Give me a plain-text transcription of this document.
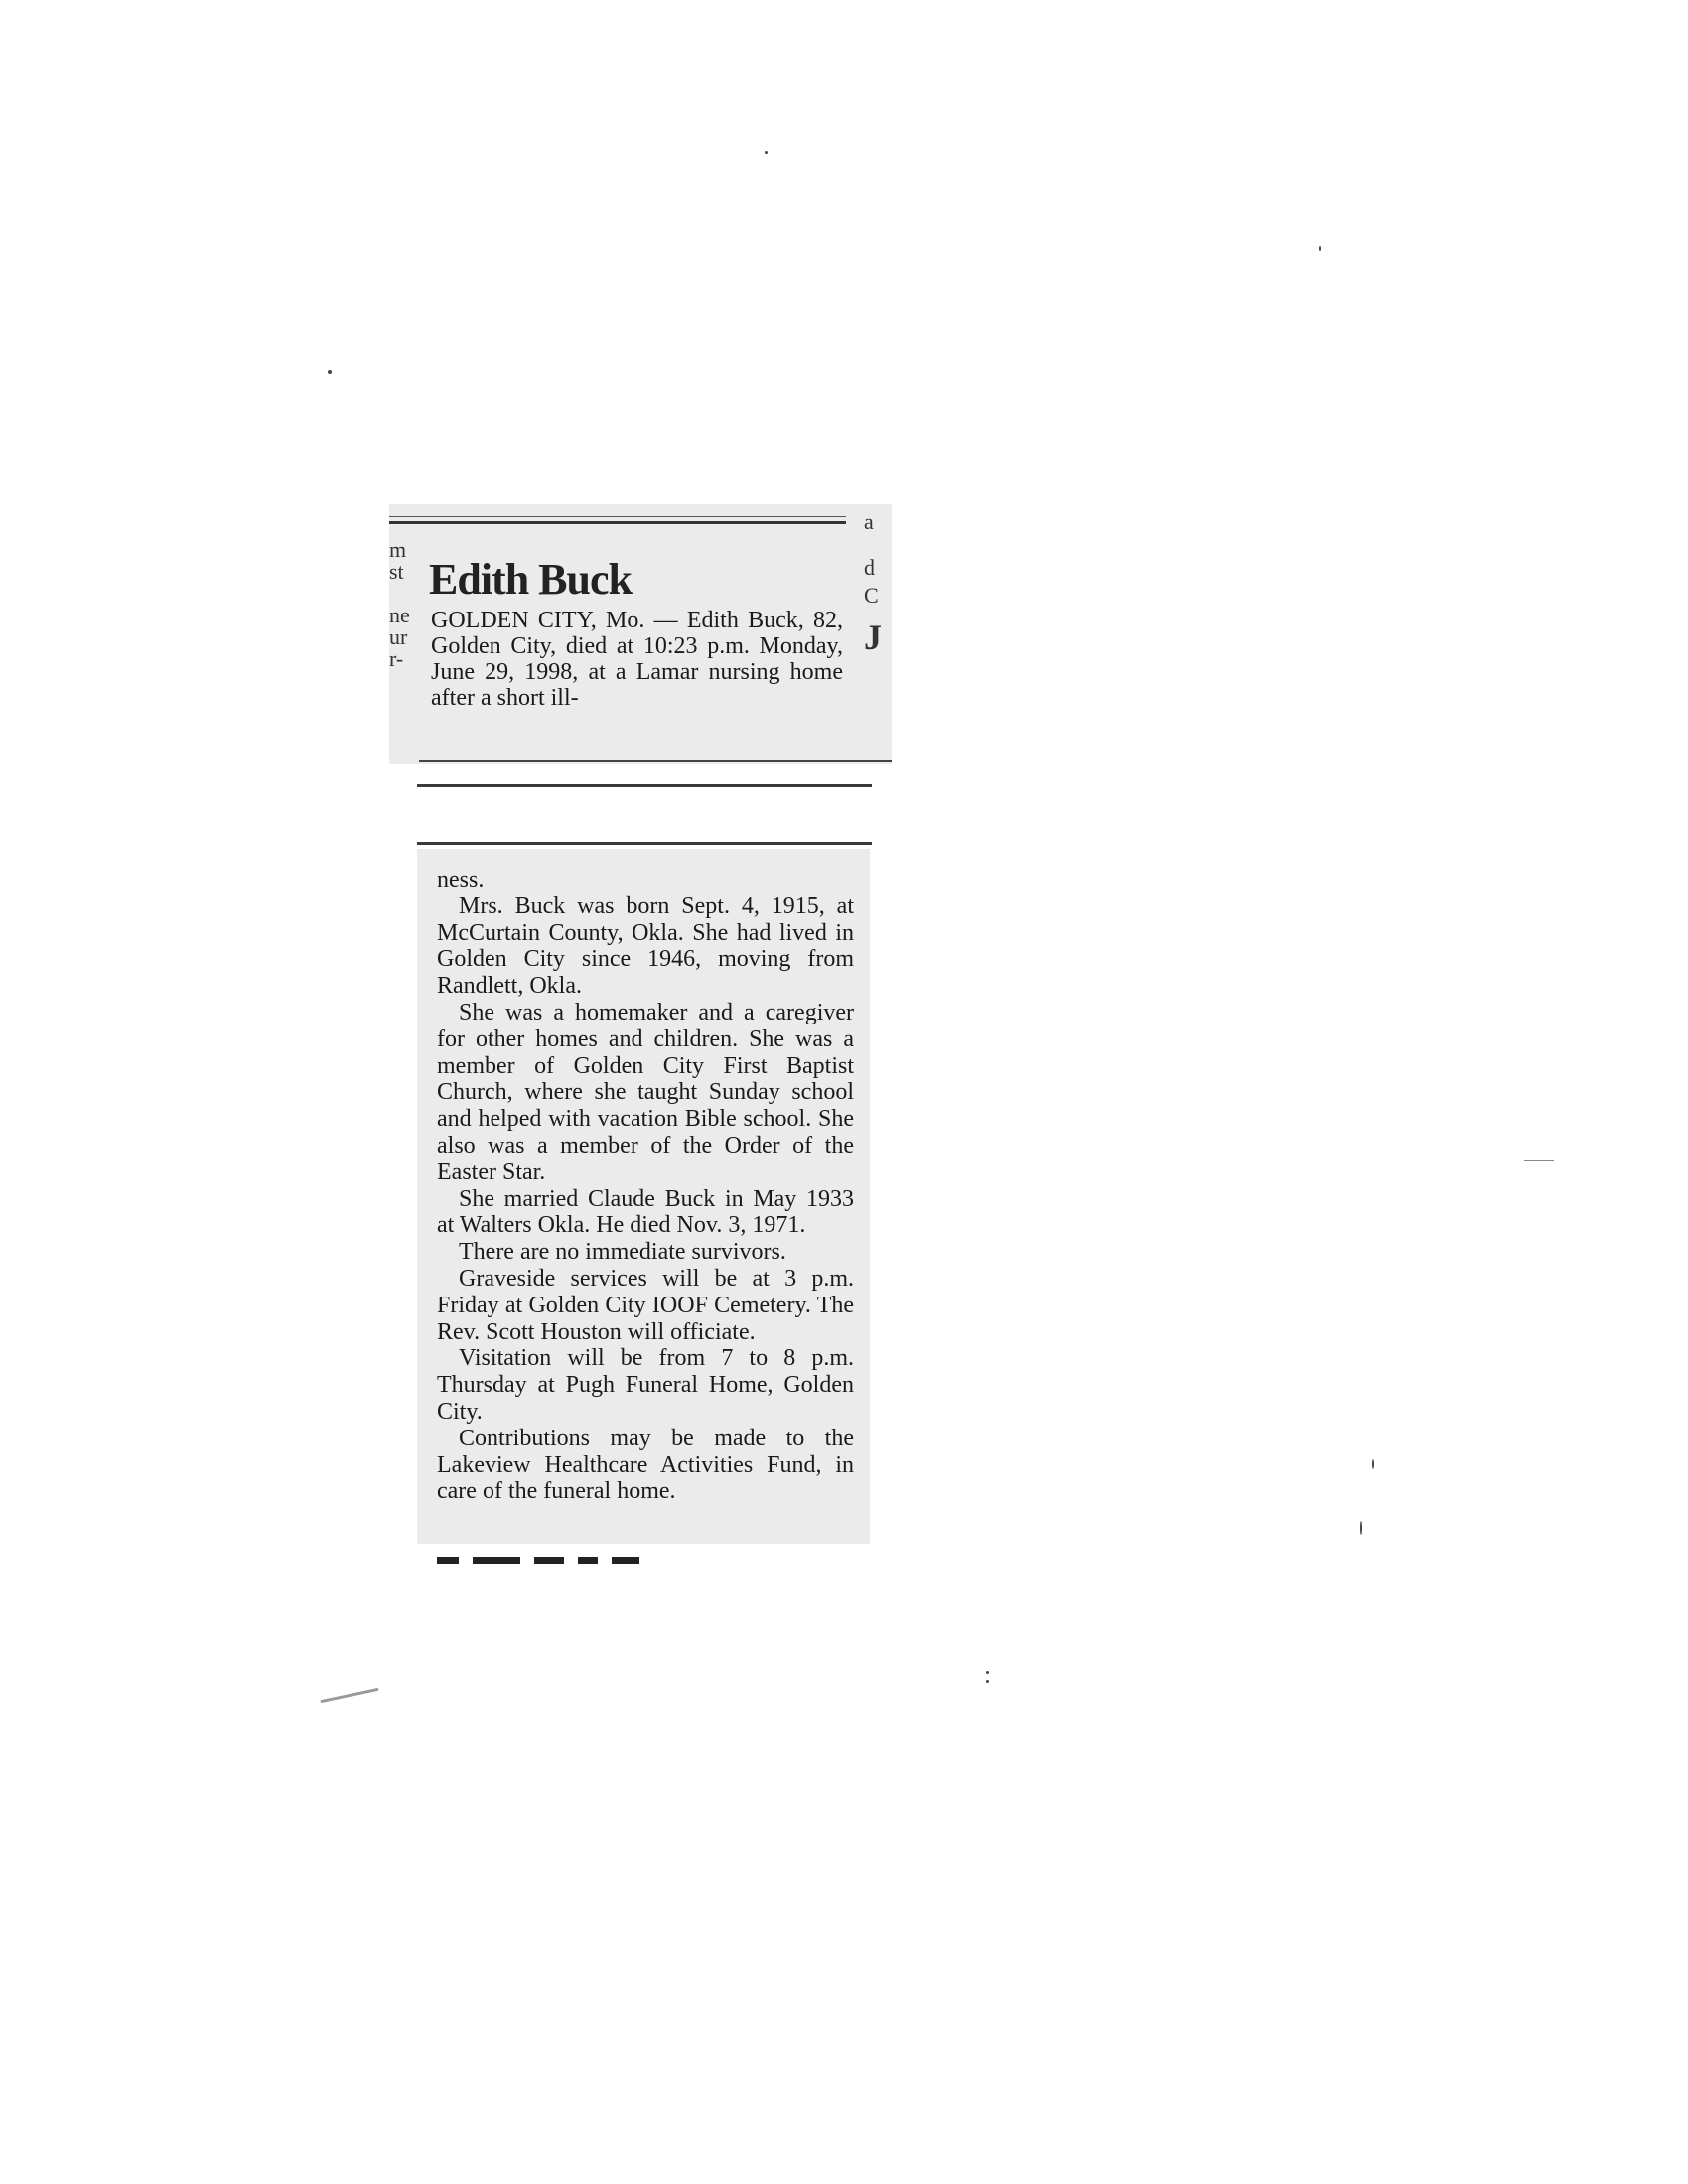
m
st
ne
ur
r-
a
d
C
J
Edith Buck

GOLDEN CITY, Mo. — Edith Buck, 82, Golden City, died at 10:23 p.m. Monday, June 29, 1998, at a Lamar nursing home after a short ill-

ness.

Mrs. Buck was born Sept. 4, 1915, at McCurtain County, Okla. She had lived in Golden City since 1946, moving from Randlett, Okla.

She was a homemaker and a caregiver for other homes and children. She was a member of Golden City First Baptist Church, where she taught Sunday school and helped with vacation Bible school. She also was a member of the Order of the Easter Star.

She married Claude Buck in May 1933 at Walters Okla. He died Nov. 3, 1971.

There are no immediate survivors.

Graveside services will be at 3 p.m. Friday at Golden City IOOF Cemetery. The Rev. Scott Houston will officiate.

Visitation will be from 7 to 8 p.m. Thursday at Pugh Funeral Home, Golden City.

Contributions may be made to the Lakeview Healthcare Activities Fund, in care of the funeral home.
